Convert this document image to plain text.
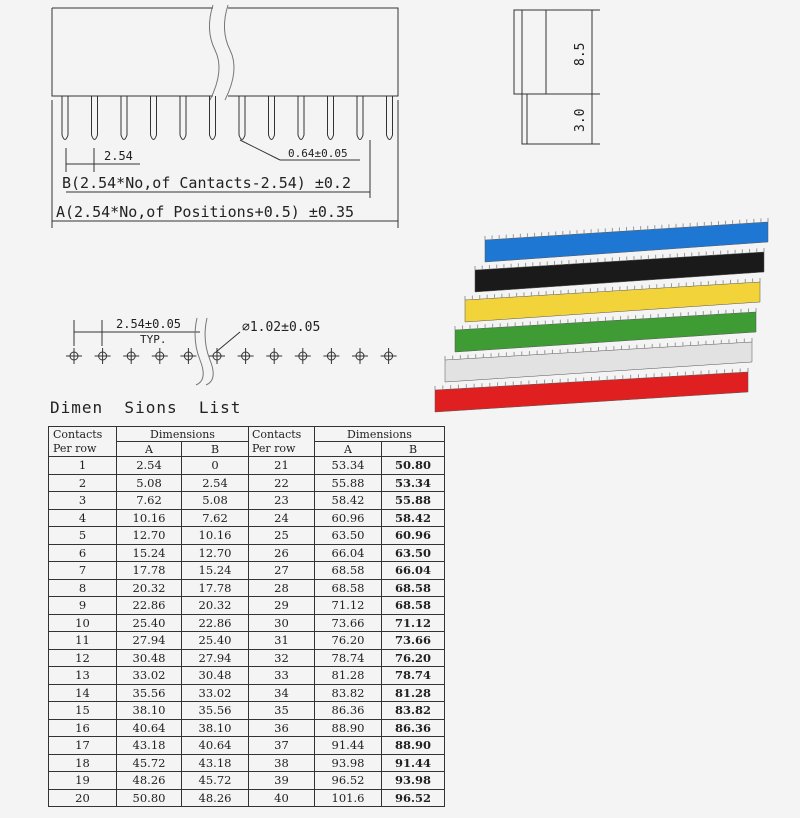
2.54	0.64±0.05
B(2.54*No,of Cantacts-2.54) ±0.2
A(2.54*No,of Positions+0.5) ±0.35
8.5
3.0
2.54±0.05
TYP.
∅1.02±0.05
Dimen  Sions  List
Contacts	Dimensions		Contacts	Dimensions	
Per row	A	B	Per row	A	B
1	2.54	0	21	53.34	50.80
2	5.08	2.54	22	55.88	53.34
3	7.62	5.08	23	58.42	55.88
4	10.16	7.62	24	60.96	58.42
5	12.70	10.16	25	63.50	60.96
6	15.24	12.70	26	66.04	63.50
7	17.78	15.24	27	68.58	66.04
8	20.32	17.78	28	68.58	68.58
9	22.86	20.32	29	71.12	68.58
10	25.40	22.86	30	73.66	71.12
11	27.94	25.40	31	76.20	73.66
12	30.48	27.94	32	78.74	76.20
13	33.02	30.48	33	81.28	78.74
14	35.56	33.02	34	83.82	81.28
15	38.10	35.56	35	86.36	83.82
16	40.64	38.10	36	88.90	86.36
17	43.18	40.64	37	91.44	88.90
18	45.72	43.18	38	93.98	91.44
19	48.26	45.72	39	96.52	93.98
20	50.80	48.26	40	101.6	96.52
